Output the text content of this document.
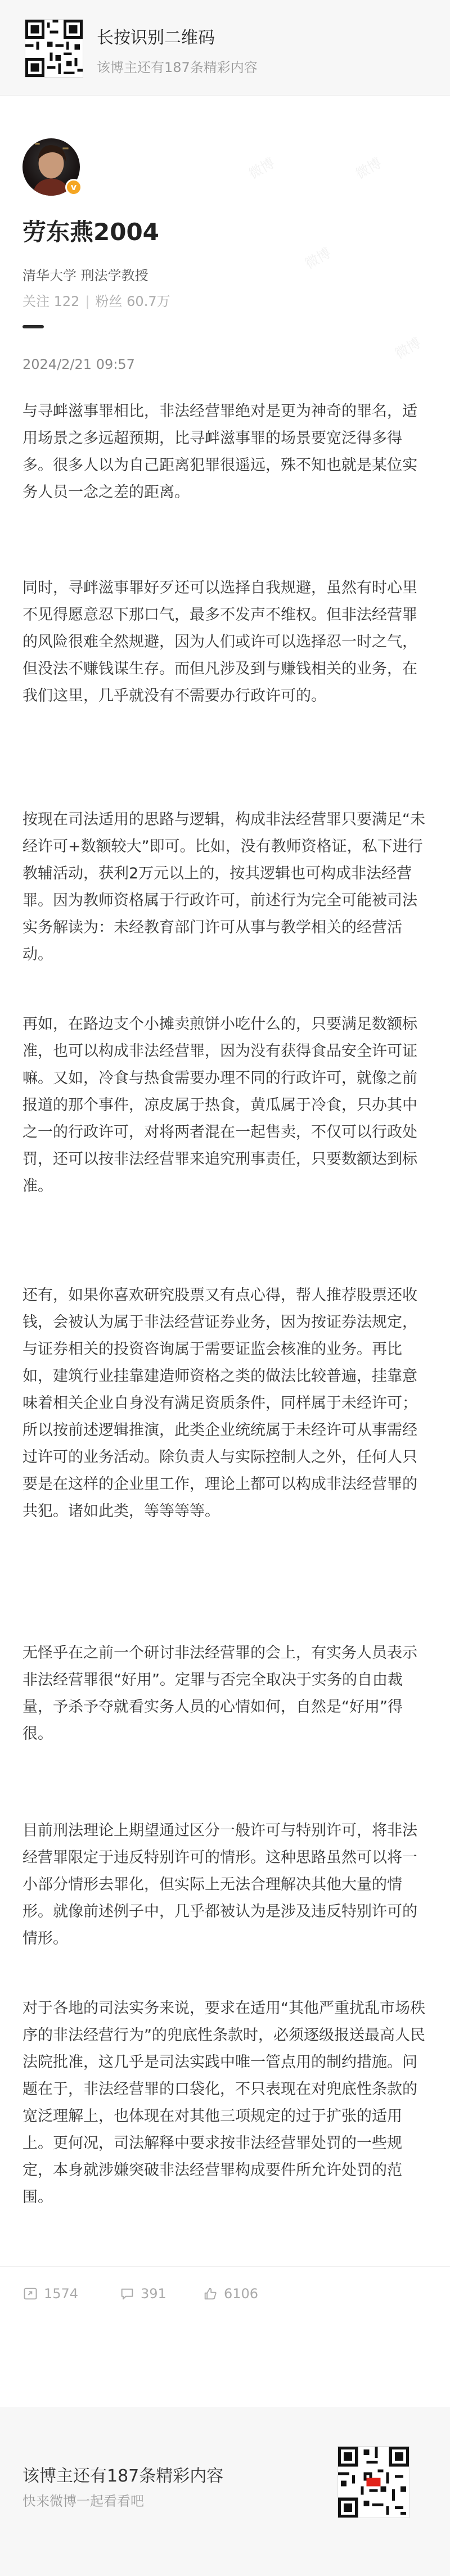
长按识别二维码
该博主还有187条精彩内容
v
劳东燕2004
清华大学 刑法学教授
关注 122 | 粉丝 60.7万
2024/2/21 09:57
与寻衅滋事罪相比，非法经营罪绝对是更为神奇的罪名，适用场景之多远超预期，比寻衅滋事罪的场景要宽泛得多得多。很多人以为自己距离犯罪很遥远，殊不知也就是某位实务人员一念之差的距离。
同时，寻衅滋事罪好歹还可以选择自我规避，虽然有时心里不见得愿意忍下那口气，最多不发声不维权。但非法经营罪的风险很难全然规避，因为人们或许可以选择忍一时之气，但没法不赚钱谋生存。而但凡涉及到与赚钱相关的业务，在我们这里，几乎就没有不需要办行政许可的。
按现在司法适用的思路与逻辑，构成非法经营罪只要满足“未经许可+数额较大”即可。比如，没有教师资格证，私下进行教辅活动，获利2万元以上的，按其逻辑也可构成非法经营罪。因为教师资格属于行政许可，前述行为完全可能被司法实务解读为：未经教育部门许可从事与教学相关的经营活动。
再如，在路边支个小摊卖煎饼小吃什么的，只要满足数额标准，也可以构成非法经营罪，因为没有获得食品安全许可证嘛。又如，冷食与热食需要办理不同的行政许可，就像之前报道的那个事件，凉皮属于热食，黄瓜属于冷食，只办其中之一的行政许可，对将两者混在一起售卖，不仅可以行政处罚，还可以按非法经营罪来追究刑事责任，只要数额达到标准。
还有，如果你喜欢研究股票又有点心得，帮人推荐股票还收钱，会被认为属于非法经营证券业务，因为按证券法规定，与证券相关的投资咨询属于需要证监会核准的业务。再比如，建筑行业挂靠建造师资格之类的做法比较普遍，挂靠意味着相关企业自身没有满足资质条件，同样属于未经许可；所以按前述逻辑推演，此类企业统统属于未经许可从事需经过许可的业务活动。除负责人与实际控制人之外，任何人只要是在这样的企业里工作，理论上都可以构成非法经营罪的共犯。诸如此类，等等等等。
无怪乎在之前一个研讨非法经营罪的会上，有实务人员表示非法经营罪很“好用”。定罪与否完全取决于实务的自由裁量，予杀予夺就看实务人员的心情如何，自然是“好用”得很。
目前刑法理论上期望通过区分一般许可与特别许可，将非法经营罪限定于违反特别许可的情形。这种思路虽然可以将一小部分情形去罪化，但实际上无法合理解决其他大量的情形。就像前述例子中，几乎都被认为是涉及违反特别许可的情形。
对于各地的司法实务来说，要求在适用“其他严重扰乱市场秩序的非法经营行为”的兜底性条款时，必须逐级报送最高人民法院批准，这几乎是司法实践中唯一管点用的制约措施。问题在于，非法经营罪的口袋化，不只表现在对兜底性条款的宽泛理解上，也体现在对其他三项规定的过于扩张的适用上。更何况，司法解释中要求按非法经营罪处罚的一些规定，本身就涉嫌突破非法经营罪构成要件所允许处罚的范围。
微博	微博
微博
微博
1574	391	6106
该博主还有187条精彩内容
快来微博一起看看吧
